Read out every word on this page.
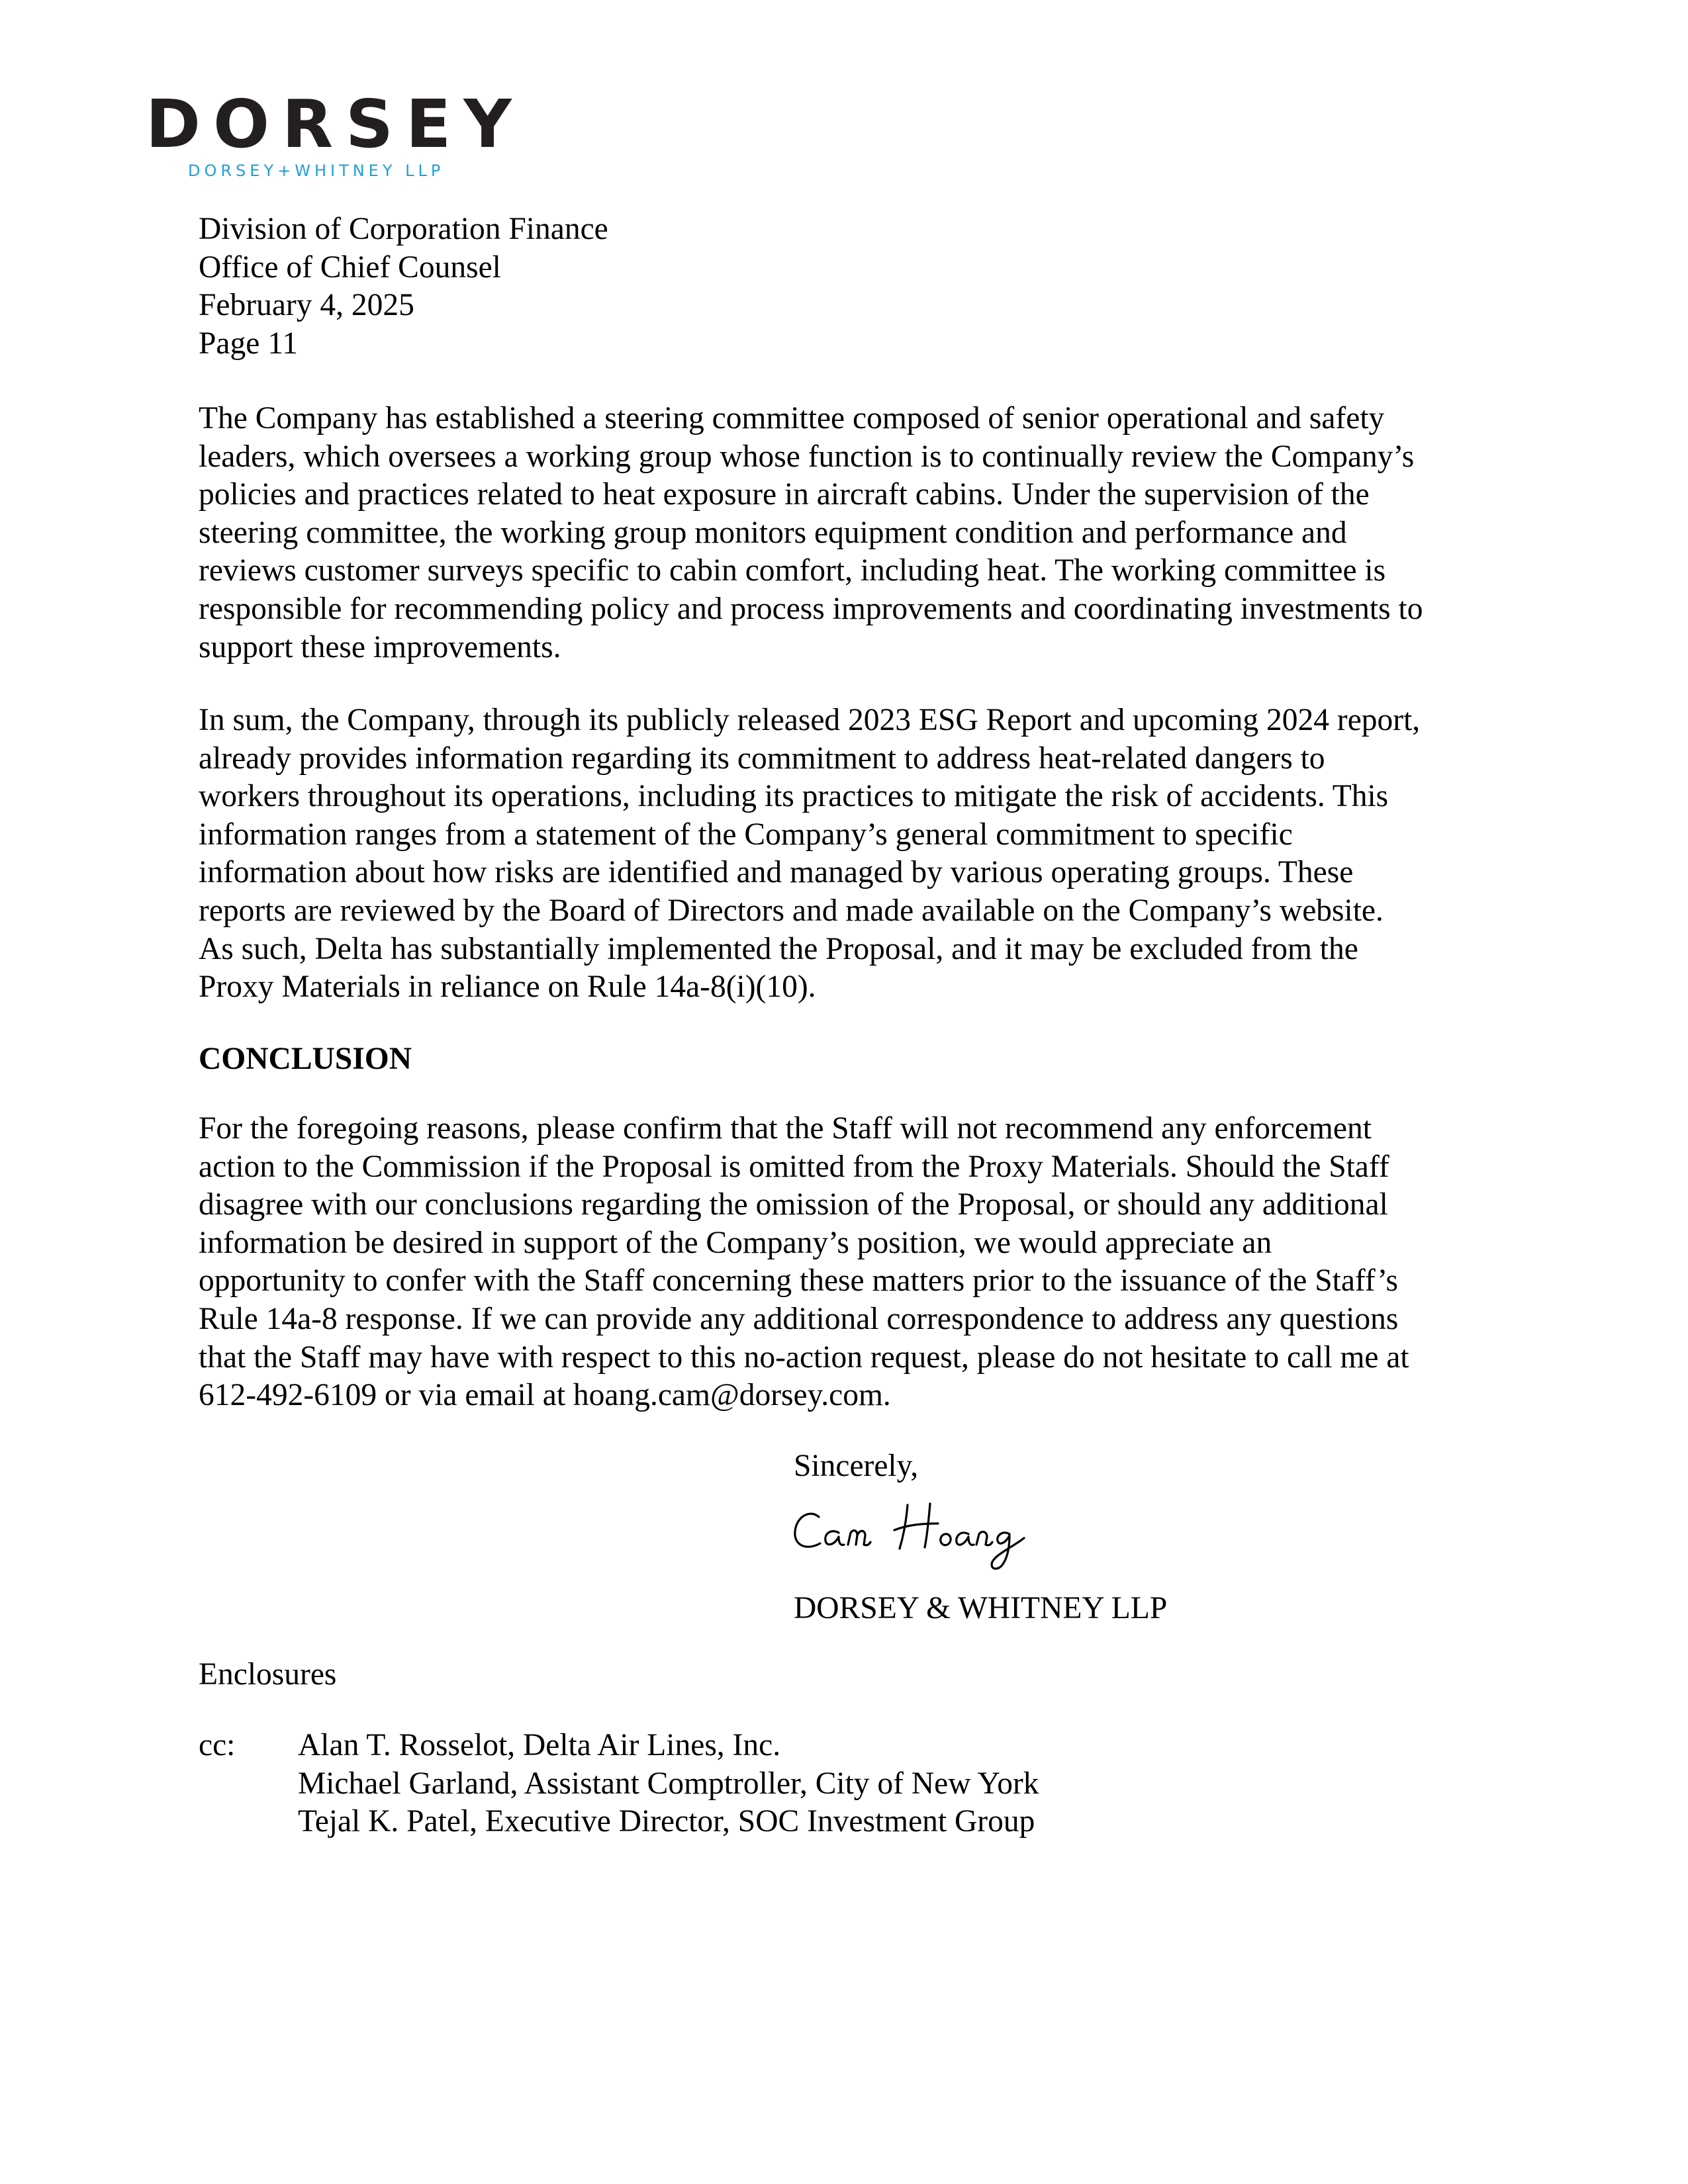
DORSEY
DORSEY+WHITNEY LLP
Division of Corporation Finance
Office of Chief Counsel
February 4, 2025
Page 11
The Company has established a steering committee composed of senior operational and safety
leaders, which oversees a working group whose function is to continually review the Company’s
policies and practices related to heat exposure in aircraft cabins. Under the supervision of the
steering committee, the working group monitors equipment condition and performance and
reviews customer surveys specific to cabin comfort, including heat. The working committee is
responsible for recommending policy and process improvements and coordinating investments to
support these improvements.
In sum, the Company, through its publicly released 2023 ESG Report and upcoming 2024 report,
already provides information regarding its commitment to address heat-related dangers to
workers throughout its operations, including its practices to mitigate the risk of accidents. This
information ranges from a statement of the Company’s general commitment to specific
information about how risks are identified and managed by various operating groups. These
reports are reviewed by the Board of Directors and made available on the Company’s website.
As such, Delta has substantially implemented the Proposal, and it may be excluded from the
Proxy Materials in reliance on Rule 14a-8(i)(10).
CONCLUSION
For the foregoing reasons, please confirm that the Staff will not recommend any enforcement
action to the Commission if the Proposal is omitted from the Proxy Materials. Should the Staff
disagree with our conclusions regarding the omission of the Proposal, or should any additional
information be desired in support of the Company’s position, we would appreciate an
opportunity to confer with the Staff concerning these matters prior to the issuance of the Staff’s
Rule 14a-8 response. If we can provide any additional correspondence to address any questions
that the Staff may have with respect to this no-action request, please do not hesitate to call me at
612-492-6109 or via email at hoang.cam@dorsey.com.
Sincerely,
DORSEY & WHITNEY LLP
Enclosures
cc: Alan T. Rosselot, Delta Air Lines, Inc.
Michael Garland, Assistant Comptroller, City of New York
Tejal K. Patel, Executive Director, SOC Investment Group
